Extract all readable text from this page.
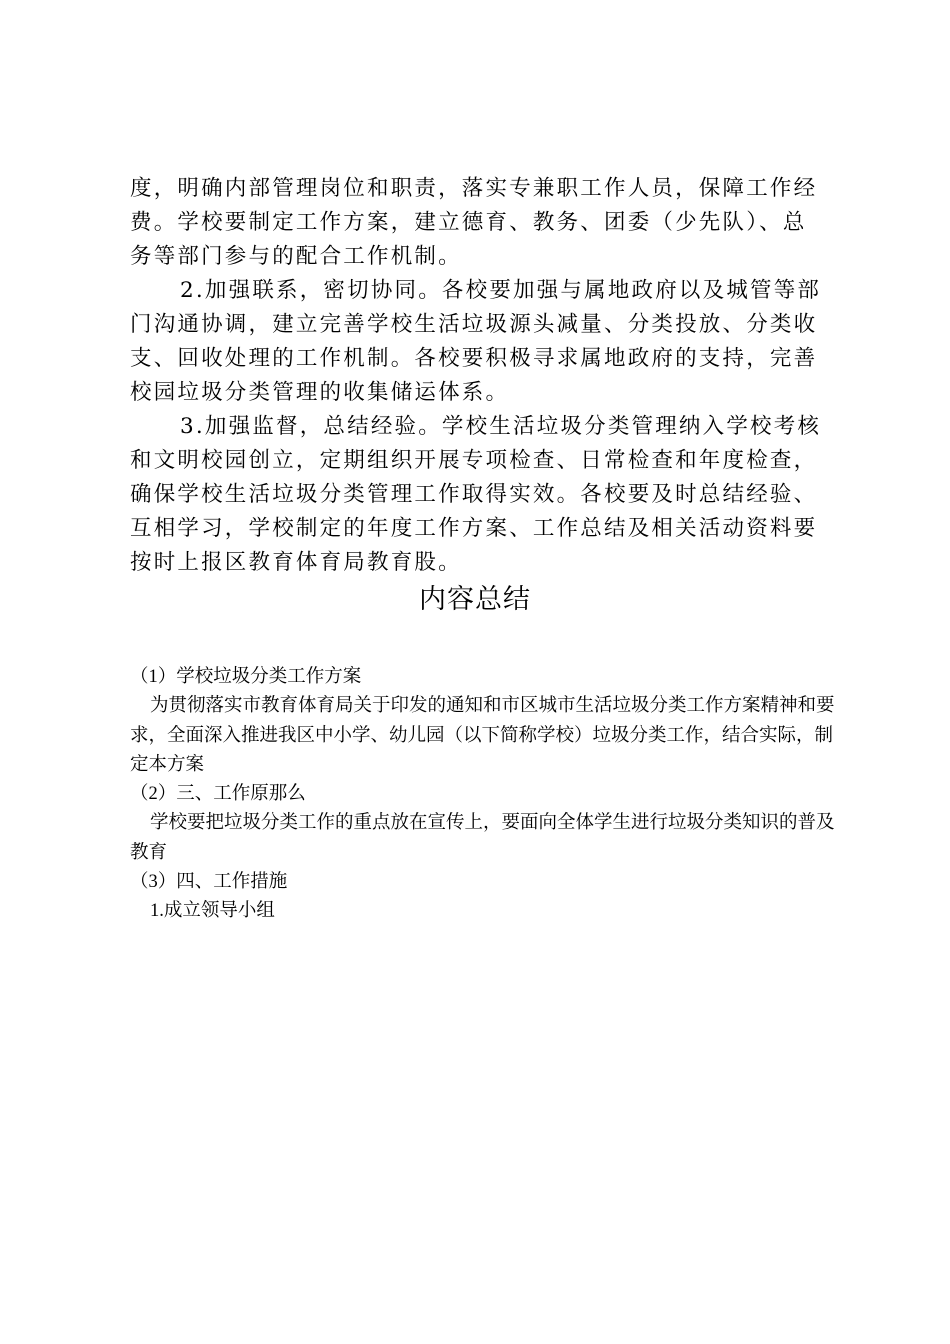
度，明确内部管理岗位和职责，落实专兼职工作人员，保障工作经费。学校要制定工作方案，建立德育、教务、团委（少先队）、总务等部门参与的配合工作机制。

2.加强联系，密切协同。各校要加强与属地政府以及城管等部门沟通协调，建立完善学校生活垃圾源头减量、分类投放、分类收支、回收处理的工作机制。各校要积极寻求属地政府的支持，完善校园垃圾分类管理的收集储运体系。

3.加强监督，总结经验。学校生活垃圾分类管理纳入学校考核和文明校园创立，定期组织开展专项检查、日常检查和年度检查，确保学校生活垃圾分类管理工作取得实效。各校要及时总结经验、互相学习，学校制定的年度工作方案、工作总结及相关活动资料要按时上报区教育体育局教育股。

内容总结

（1）学校垃圾分类工作方案

为贯彻落实市教育体育局关于印发的通知和市区城市生活垃圾分类工作方案精神和要求，全面深入推进我区中小学、幼儿园（以下简称学校）垃圾分类工作，结合实际，制定本方案

（2）三、工作原那么

学校要把垃圾分类工作的重点放在宣传上，要面向全体学生进行垃圾分类知识的普及教育

（3）四、工作措施

1.成立领导小组
